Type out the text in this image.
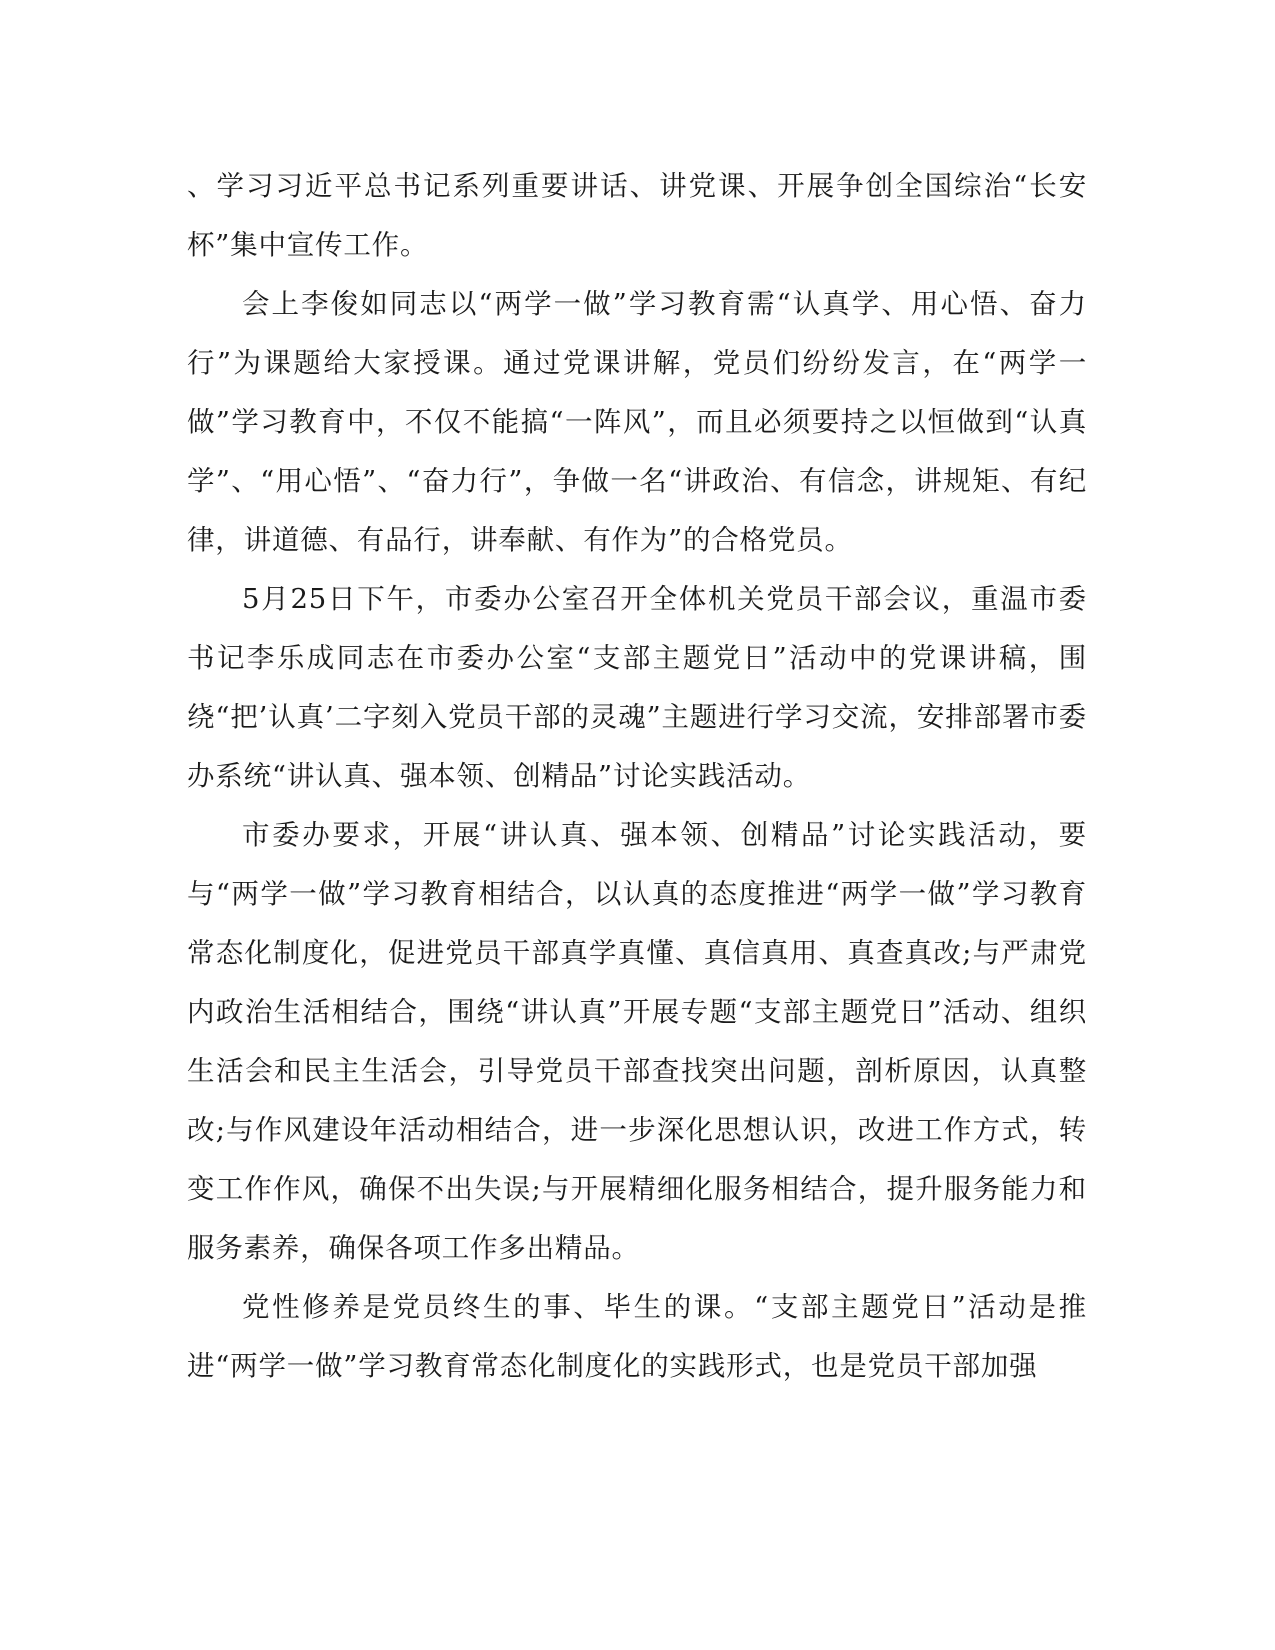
、学习习近平总书记系列重要讲话、讲党课、开展争创全国综治“长安杯”集中宣传工作。

会上李俊如同志以“两学一做”学习教育需“认真学、用心悟、奋力行”为课题给大家授课。通过党课讲解，党员们纷纷发言，在“两学一做”学习教育中，不仅不能搞“一阵风”，而且必须要持之以恒做到“认真学”、“用心悟”、“奋力行”，争做一名“讲政治、有信念，讲规矩、有纪律，讲道德、有品行，讲奉献、有作为”的合格党员。

5月25日下午，市委办公室召开全体机关党员干部会议，重温市委书记李乐成同志在市委办公室“支部主题党日”活动中的党课讲稿，围绕“把’认真’二字刻入党员干部的灵魂”主题进行学习交流，安排部署市委办系统“讲认真、强本领、创精品”讨论实践活动。

市委办要求，开展“讲认真、强本领、创精品”讨论实践活动，要与“两学一做”学习教育相结合，以认真的态度推进“两学一做”学习教育常态化制度化，促进党员干部真学真懂、真信真用、真查真改;与严肃党内政治生活相结合，围绕“讲认真”开展专题“支部主题党日”活动、组织生活会和民主生活会，引导党员干部查找突出问题，剖析原因，认真整改;与作风建设年活动相结合，进一步深化思想认识，改进工作方式，转变工作作风，确保不出失误;与开展精细化服务相结合，提升服务能力和服务素养，确保各项工作多出精品。

党性修养是党员终生的事、毕生的课。“支部主题党日”活动是推进“两学一做”学习教育常态化制度化的实践形式，也是党员干部加强
